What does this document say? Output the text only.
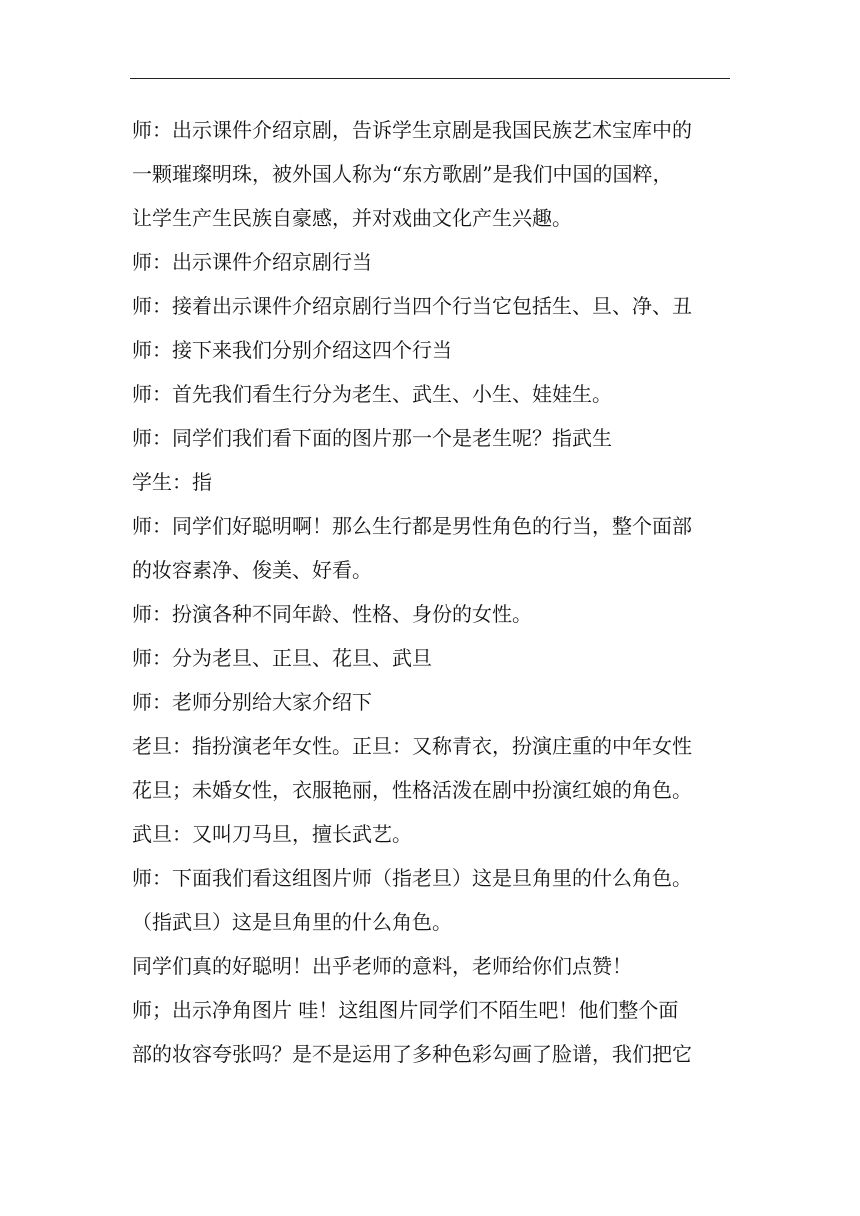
师：出示课件介绍京剧，告诉学生京剧是我国民族艺术宝库中的

一颗璀璨明珠，被外国人称为“东方歌剧”是我们中国的国粹，

让学生产生民族自豪感，并对戏曲文化产生兴趣。

师：出示课件介绍京剧行当

师：接着出示课件介绍京剧行当四个行当它包括生、旦、净、丑

师：接下来我们分别介绍这四个行当

师：首先我们看生行分为老生、武生、小生、娃娃生。

师：同学们我们看下面的图片那一个是老生呢？指武生

学生：指

师：同学们好聪明啊！那么生行都是男性角色的行当，整个面部

的妆容素净、俊美、好看。

师：扮演各种不同年龄、性格、身份的女性。

师：分为老旦、正旦、花旦、武旦

师：老师分别给大家介绍下

老旦：指扮演老年女性。正旦：又称青衣，扮演庄重的中年女性

花旦；未婚女性，衣服艳丽，性格活泼在剧中扮演红娘的角色。

武旦：又叫刀马旦，擅长武艺。

师：下面我们看这组图片师（指老旦）这是旦角里的什么角色。

（指武旦）这是旦角里的什么角色。

同学们真的好聪明！出乎老师的意料，老师给你们点赞！

师；出示净角图片 哇！这组图片同学们不陌生吧！他们整个面

部的妆容夸张吗？是不是运用了多种色彩勾画了脸谱，我们把它
